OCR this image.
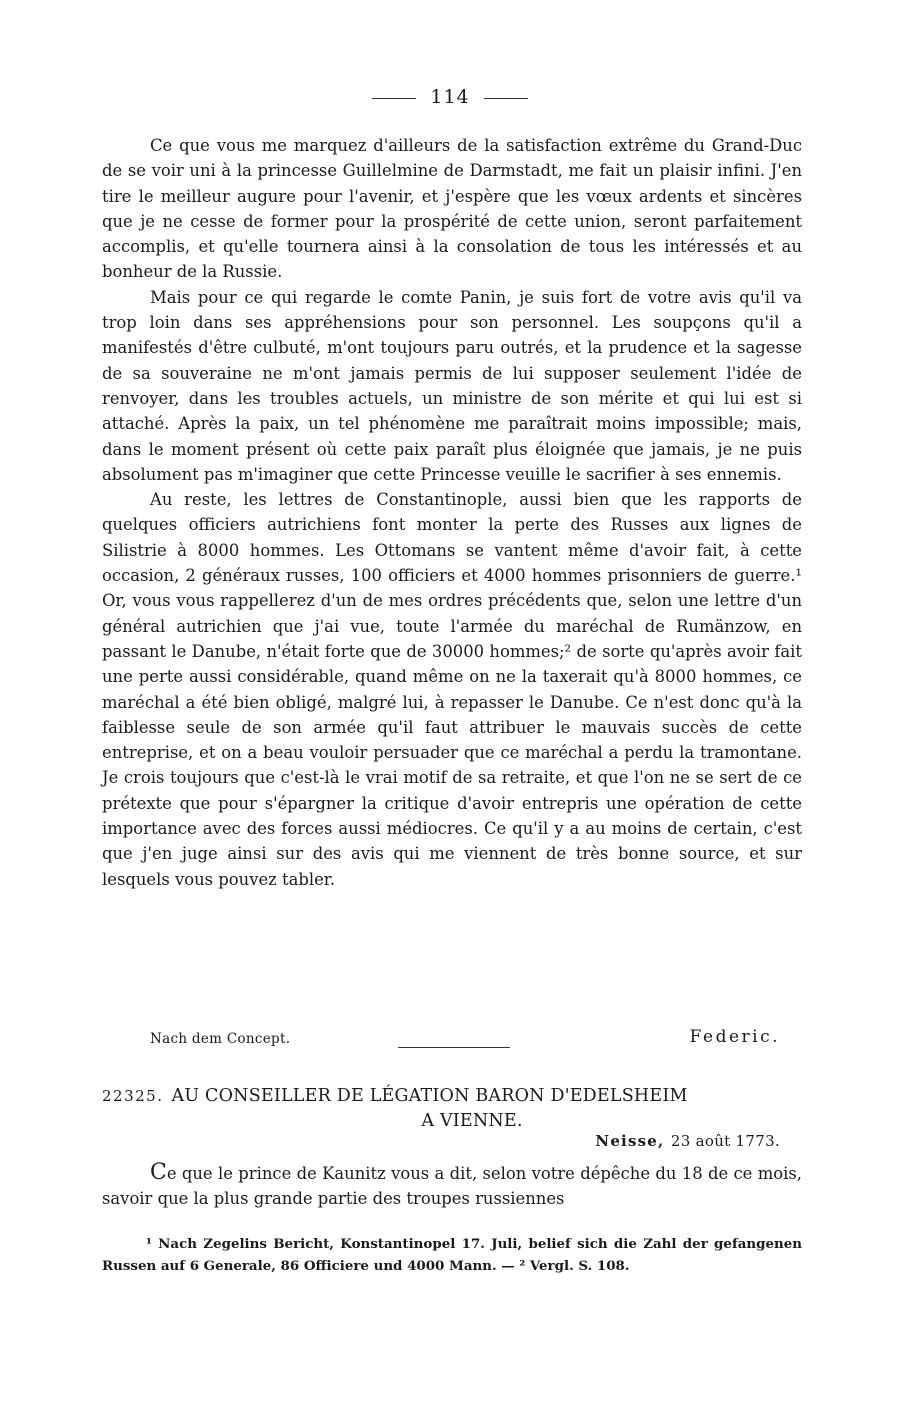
114

Ce que vous me marquez d'ailleurs de la satisfaction extrême du Grand-Duc de se voir uni à la princesse Guillelmine de Darmstadt, me fait un plaisir infini. J'en tire le meilleur augure pour l'avenir, et j'espère que les vœux ardents et sincères que je ne cesse de former pour la prospérité de cette union, seront parfaitement accomplis, et qu'elle tournera ainsi à la consolation de tous les intéressés et au bonheur de la Russie.

Mais pour ce qui regarde le comte Panin, je suis fort de votre avis qu'il va trop loin dans ses appréhensions pour son personnel. Les soupçons qu'il a manifestés d'être culbuté, m'ont toujours paru outrés, et la prudence et la sagesse de sa souveraine ne m'ont jamais permis de lui supposer seulement l'idée de renvoyer, dans les troubles actuels, un ministre de son mérite et qui lui est si attaché. Après la paix, un tel phénomène me paraîtrait moins impossible; mais, dans le moment présent où cette paix paraît plus éloignée que jamais, je ne puis absolument pas m'imaginer que cette Princesse veuille le sacrifier à ses ennemis.

Au reste, les lettres de Constantinople, aussi bien que les rapports de quelques officiers autrichiens font monter la perte des Russes aux lignes de Silistrie à 8000 hommes. Les Ottomans se vantent même d'avoir fait, à cette occasion, 2 généraux russes, 100 officiers et 4000 hommes prisonniers de guerre.¹ Or, vous vous rappellerez d'un de mes ordres précédents que, selon une lettre d'un général autrichien que j'ai vue, toute l'armée du maréchal de Rumänzow, en passant le Danube, n'était forte que de 30000 hommes;² de sorte qu'après avoir fait une perte aussi considérable, quand même on ne la taxerait qu'à 8000 hommes, ce maréchal a été bien obligé, malgré lui, à repasser le Danube. Ce n'est donc qu'à la faiblesse seule de son armée qu'il faut attribuer le mauvais succès de cette entreprise, et on a beau vouloir persuader que ce maréchal a perdu la tramontane. Je crois toujours que c'est-là le vrai motif de sa retraite, et que l'on ne se sert de ce prétexte que pour s'épargner la critique d'avoir entrepris une opération de cette importance avec des forces aussi médiocres. Ce qu'il y a au moins de certain, c'est que j'en juge ainsi sur des avis qui me viennent de très bonne source, et sur lesquels vous pouvez tabler.

Nach dem Concept.	Federic.
22325. AU CONSEILLER DE LÉGATION BARON D'EDELSHEIM
A VIENNE.
Neisse, 23 août 1773.

Ce que le prince de Kaunitz vous a dit, selon votre dépêche du 18 de ce mois, savoir que la plus grande partie des troupes russiennes

¹ Nach Zegelins Bericht, Konstantinopel 17. Juli, belief sich die Zahl der gefangenen Russen auf 6 Generale, 86 Officiere und 4000 Mann. — ² Vergl. S. 108.
